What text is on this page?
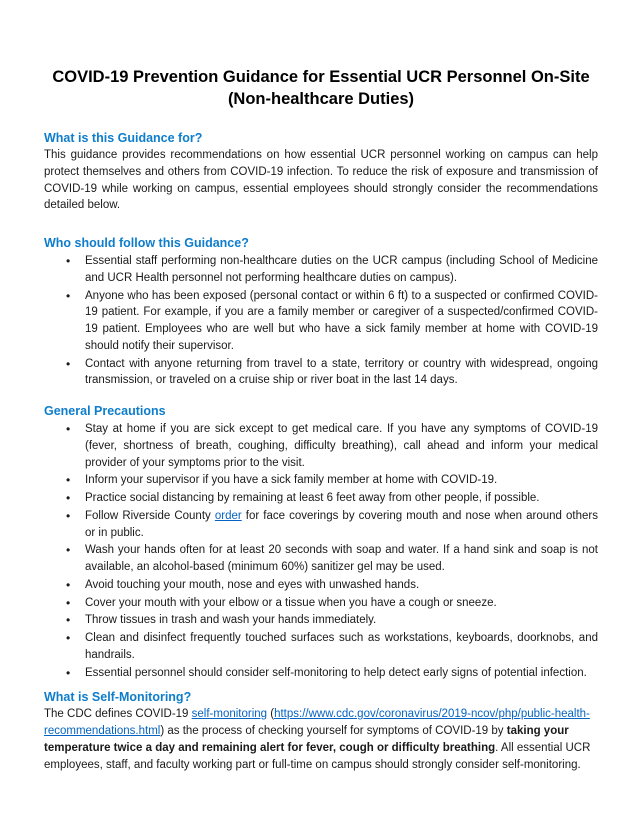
COVID-19 Prevention Guidance for Essential UCR Personnel On-Site
(Non-healthcare Duties)
What is this Guidance for?

This guidance provides recommendations on how essential UCR personnel working on campus can help protect themselves and others from COVID-19 infection. To reduce the risk of exposure and transmission of COVID-19 while working on campus, essential employees should strongly consider the recommendations detailed below.

Who should follow this Guidance?
• Essential staff performing non-healthcare duties on the UCR campus (including School of Medicine and UCR Health personnel not performing healthcare duties on campus).
• Anyone who has been exposed (personal contact or within 6 ft) to a suspected or confirmed COVID-19 patient. For example, if you are a family member or caregiver of a suspected/confirmed COVID-19 patient. Employees who are well but who have a sick family member at home with COVID-19 should notify their supervisor.
• Contact with anyone returning from travel to a state, territory or country with widespread, ongoing transmission, or traveled on a cruise ship or river boat in the last 14 days.
General Precautions
• Stay at home if you are sick except to get medical care. If you have any symptoms of COVID-19 (fever, shortness of breath, coughing, difficulty breathing), call ahead and inform your medical provider of your symptoms prior to the visit.
• Inform your supervisor if you have a sick family member at home with COVID-19.
• Practice social distancing by remaining at least 6 feet away from other people, if possible.
• Follow Riverside County order for face coverings by covering mouth and nose when around others or in public.
• Wash your hands often for at least 20 seconds with soap and water. If a hand sink and soap is not available, an alcohol-based (minimum 60%) sanitizer gel may be used.
• Avoid touching your mouth, nose and eyes with unwashed hands.
• Cover your mouth with your elbow or a tissue when you have a cough or sneeze.
• Throw tissues in trash and wash your hands immediately.
• Clean and disinfect frequently touched surfaces such as workstations, keyboards, doorknobs, and handrails.
• Essential personnel should consider self-monitoring to help detect early signs of potential infection.
What is Self-Monitoring?

The CDC defines COVID-19 self-monitoring (https://www.cdc.gov/coronavirus/2019-ncov/php/public-health-recommendations.html) as the process of checking yourself for symptoms of COVID-19 by taking your temperature twice a day and remaining alert for fever, cough or difficulty breathing. All essential UCR employees, staff, and faculty working part or full-time on campus should strongly consider self-monitoring.
